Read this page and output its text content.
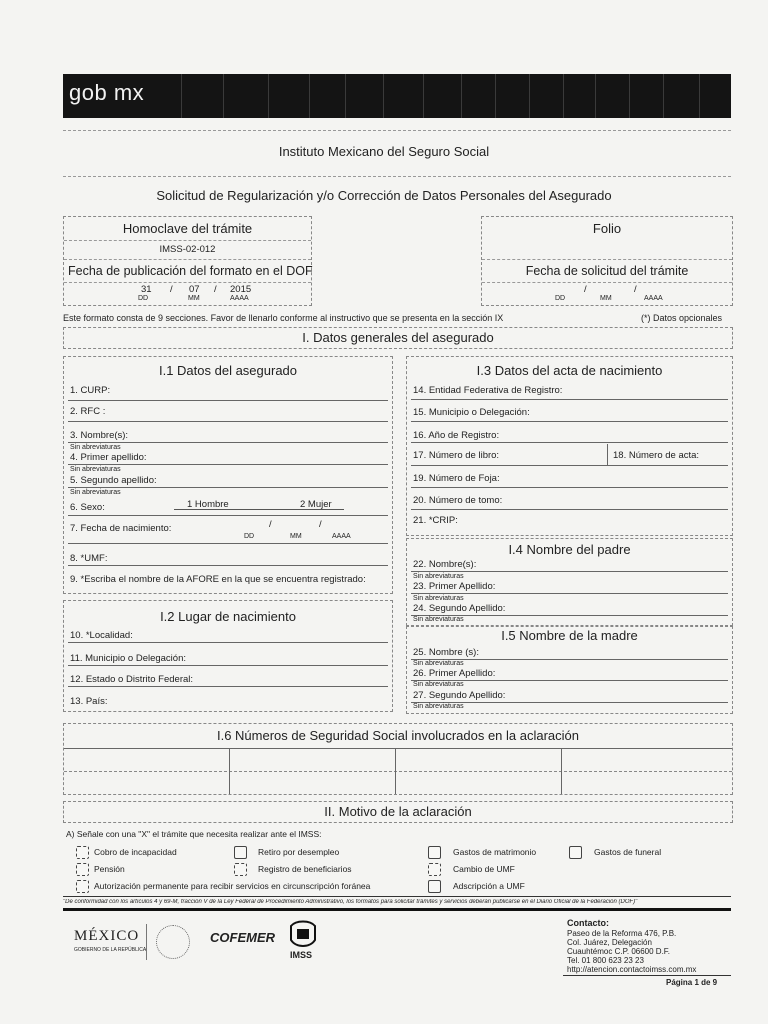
gob mx
Instituto Mexicano del Seguro Social
Solicitud de Regularización y/o Corrección de Datos Personales del Asegurado
Homoclave del trámite
IMSS-02-012
Fecha de publicación del formato en el DOF
31 / 07 / 2015
DD	MM	AAAA
Folio
Fecha de solicitud del trámite
/	/
DD	MM	AAAA
Este formato consta de 9 secciones. Favor de llenarlo conforme al instructivo que se presenta en la sección IX	(*) Datos opcionales
I. Datos generales del asegurado
I.1 Datos del asegurado
1. CURP:
2. RFC :
3. Nombre(s):
Sin abreviaturas
4. Primer apellido:
Sin abreviaturas
5. Segundo apellido:
Sin abreviaturas
6. Sexo:	1 Hombre	2 Mujer
7. Fecha de nacimiento:	/	/
DD	MM	AAAA
8. *UMF:
9. *Escriba el nombre de la AFORE en la que se encuentra registrado:
I.2 Lugar de nacimiento
10. *Localidad:
11. Municipio o Delegación:
12. Estado o Distrito Federal:
13. País:
I.3 Datos del acta de nacimiento
14. Entidad Federativa de Registro:
15. Municipio o Delegación:
16. Año de Registro:
17. Número de libro:	18. Número de acta:
19. Número de Foja:
20. Número de tomo:
21. *CRIP:
I.4 Nombre del padre
22. Nombre(s):
Sin abreviaturas
23. Primer Apellido:
Sin abreviaturas
24. Segundo Apellido:
Sin abreviaturas
I.5 Nombre de la madre
25. Nombre (s):
Sin abreviaturas
26. Primer Apellido:
Sin abreviaturas
27. Segundo Apellido:
Sin abreviaturas
I.6 Números de Seguridad Social involucrados en la aclaración
II. Motivo de la aclaración
A) Señale con una "X" el trámite que necesita realizar ante el IMSS:
Cobro de incapacidad	Retiro por desempleo	Gastos de matrimonio	Gastos de funeral
Pensión	Registro de beneficiarios	Cambio de UMF
Autorización permanente para recibir servicios en circunscripción foránea	Adscripción a UMF
"De conformidad con los artículos 4 y 69-M, fracción V de la Ley Federal de Procedimiento Administrativo, los formatos para solicitar trámites y servicios deberán publicarse en el Diario Oficial de la Federación (DOF)"
MÉXICO
GOBIERNO DE LA REPÚBLICA
COFEMER
IMSS
Contacto:
Paseo de la Reforma 476, P.B.
Col. Juárez, Delegación
Cuauhtémoc C.P. 06600 D.F.
Tel. 01 800 623 23 23
http://atencion.contactoimss.com.mx
Página 1 de 9
